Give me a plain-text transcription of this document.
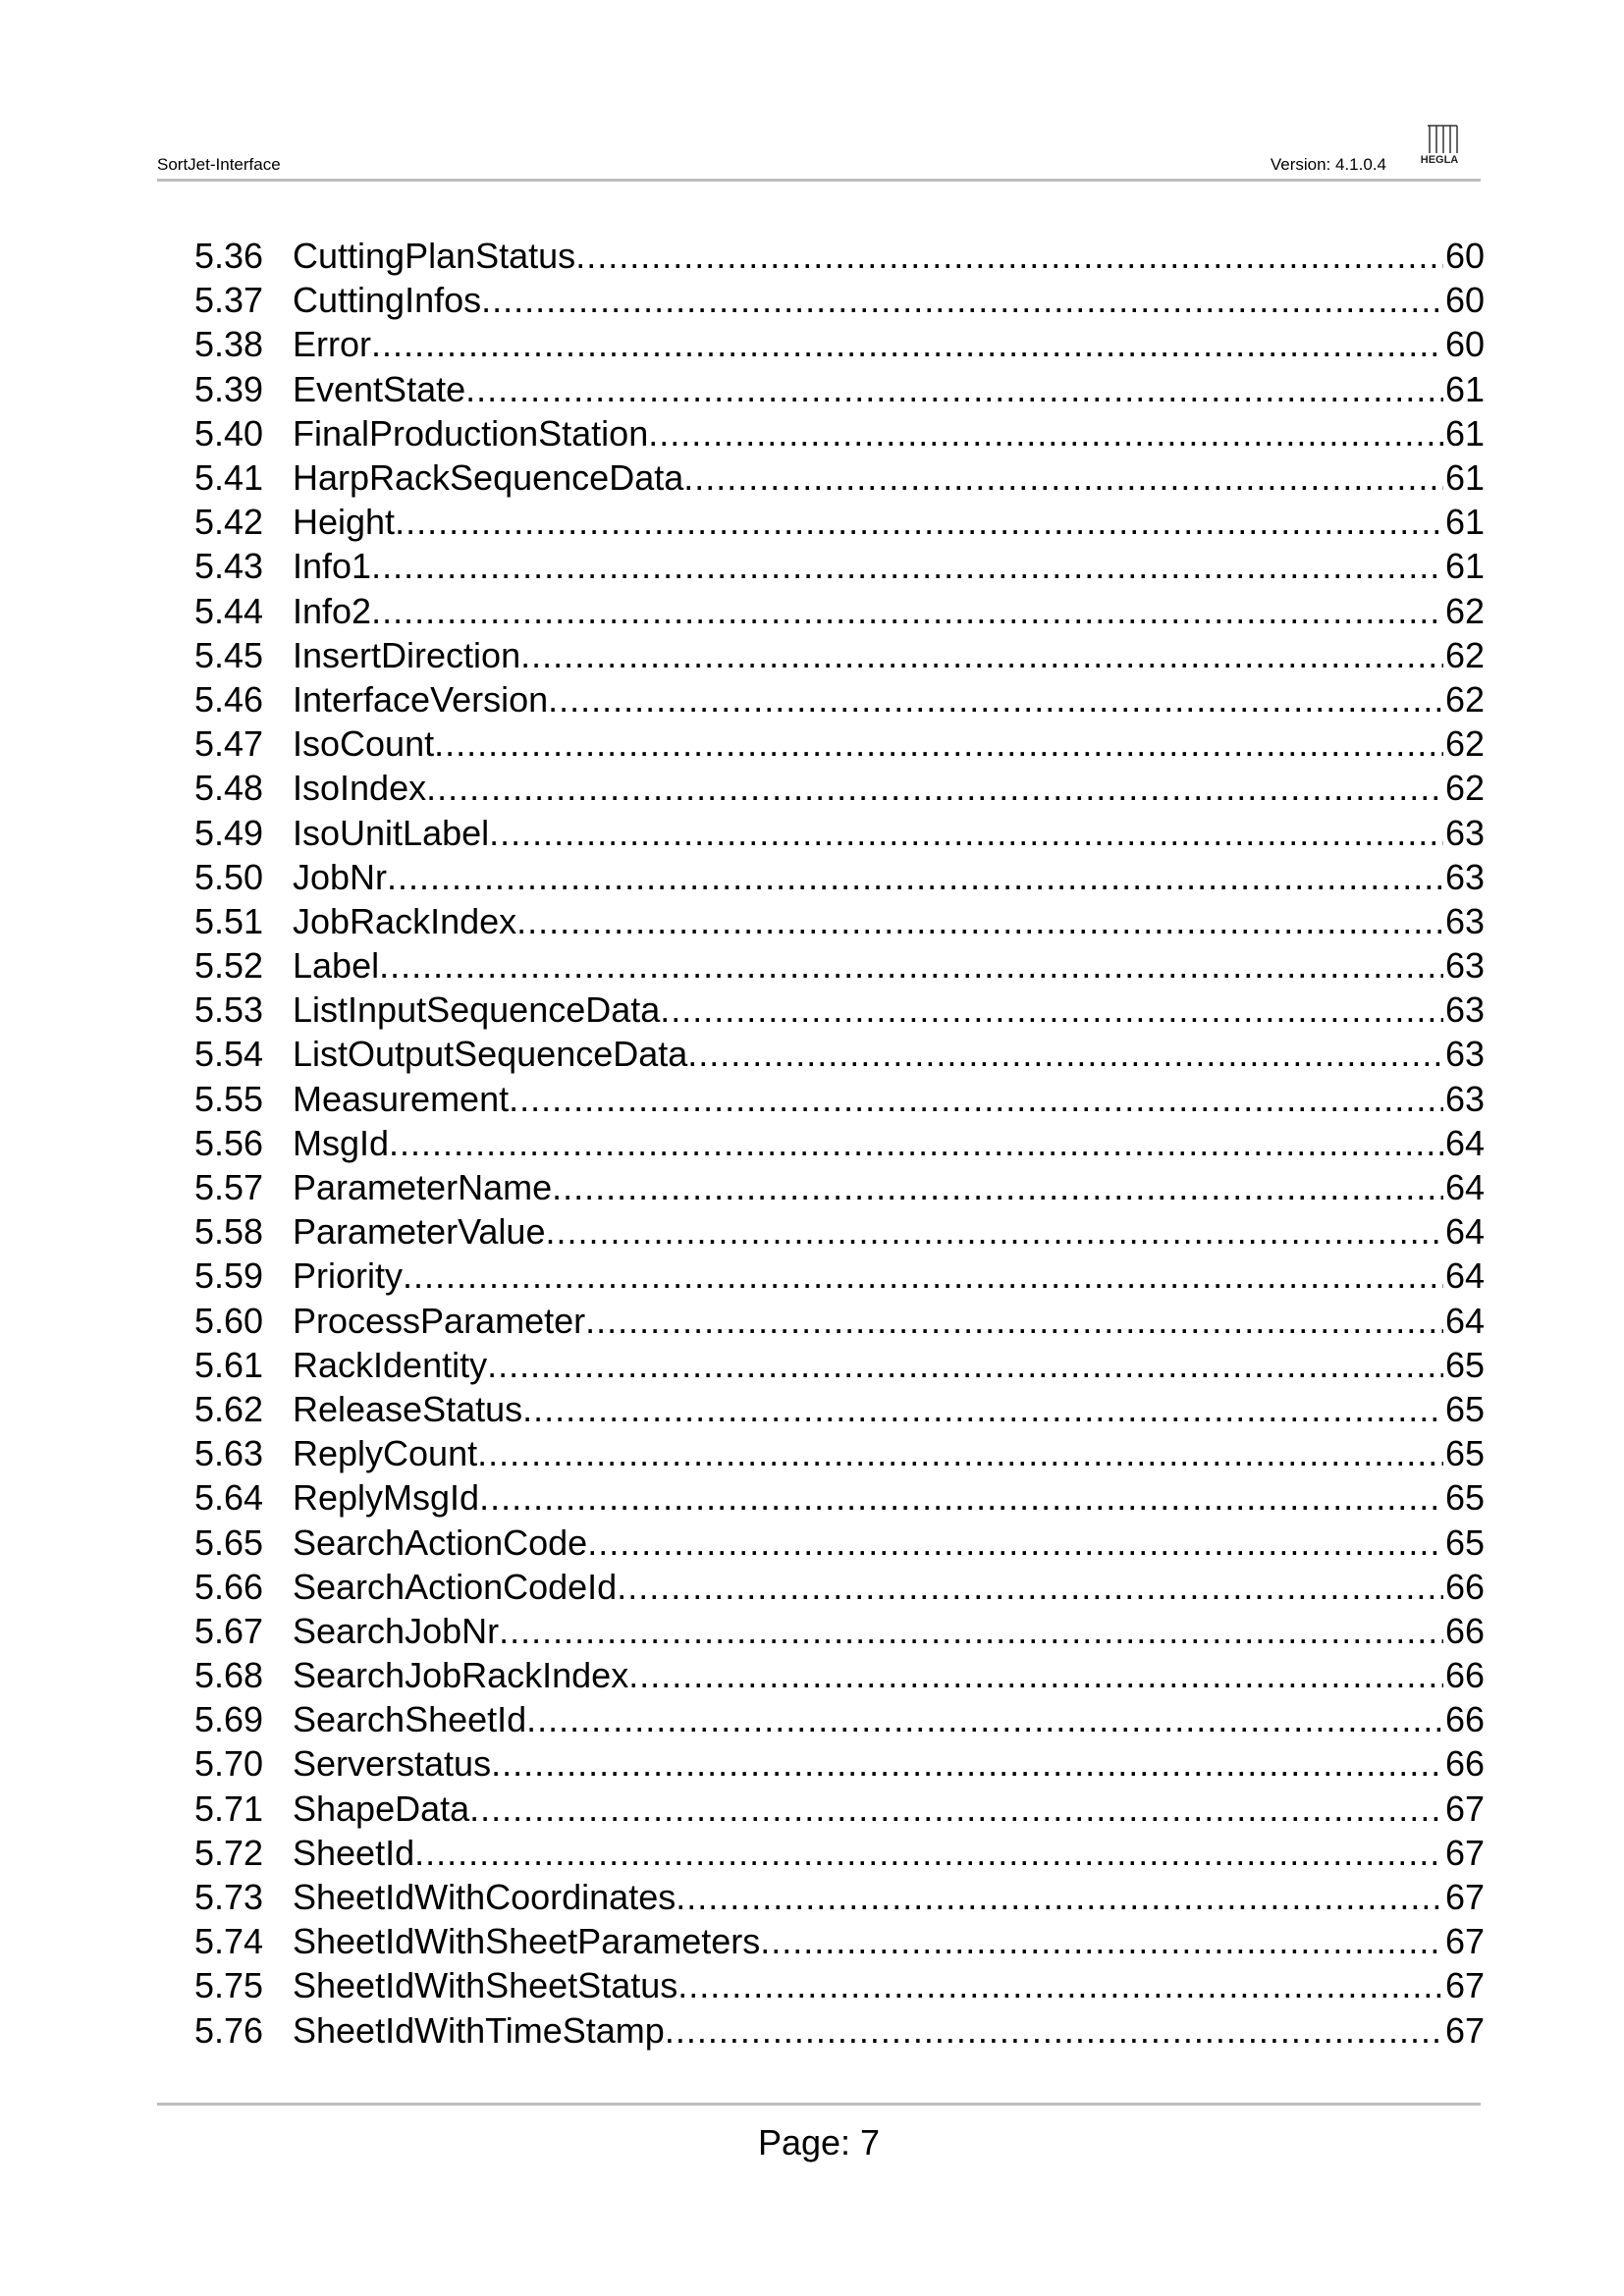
SortJet-Interface	Version: 4.1.0.4	HEGLA
5.36 CuttingPlanStatus .....	60
5.37 CuttingInfos .....	60
5.38 Error .....	60
5.39 EventState .....	61
5.40 FinalProductionStation .....	61
5.41 HarpRackSequenceData .....	61
5.42 Height .....	61
5.43 Info1 .....	61
5.44 Info2 .....	62
5.45 InsertDirection .....	62
5.46 InterfaceVersion .....	62
5.47 IsoCount .....	62
5.48 IsoIndex .....	62
5.49 IsoUnitLabel .....	63
5.50 JobNr .....	63
5.51 JobRackIndex .....	63
5.52 Label .....	63
5.53 ListInputSequenceData .....	63
5.54 ListOutputSequenceData .....	63
5.55 Measurement .....	63
5.56 MsgId .....	64
5.57 ParameterName .....	64
5.58 ParameterValue .....	64
5.59 Priority .....	64
5.60 ProcessParameter .....	64
5.61 RackIdentity .....	65
5.62 ReleaseStatus .....	65
5.63 ReplyCount .....	65
5.64 ReplyMsgId .....	65
5.65 SearchActionCode .....	65
5.66 SearchActionCodeId .....	66
5.67 SearchJobNr .....	66
5.68 SearchJobRackIndex .....	66
5.69 SearchSheetId .....	66
5.70 Serverstatus .....	66
5.71 ShapeData .....	67
5.72 SheetId .....	67
5.73 SheetIdWithCoordinates .....	67
5.74 SheetIdWithSheetParameters .....	67
5.75 SheetIdWithSheetStatus .....	67
5.76 SheetIdWithTimeStamp .....	67
Page: 7
